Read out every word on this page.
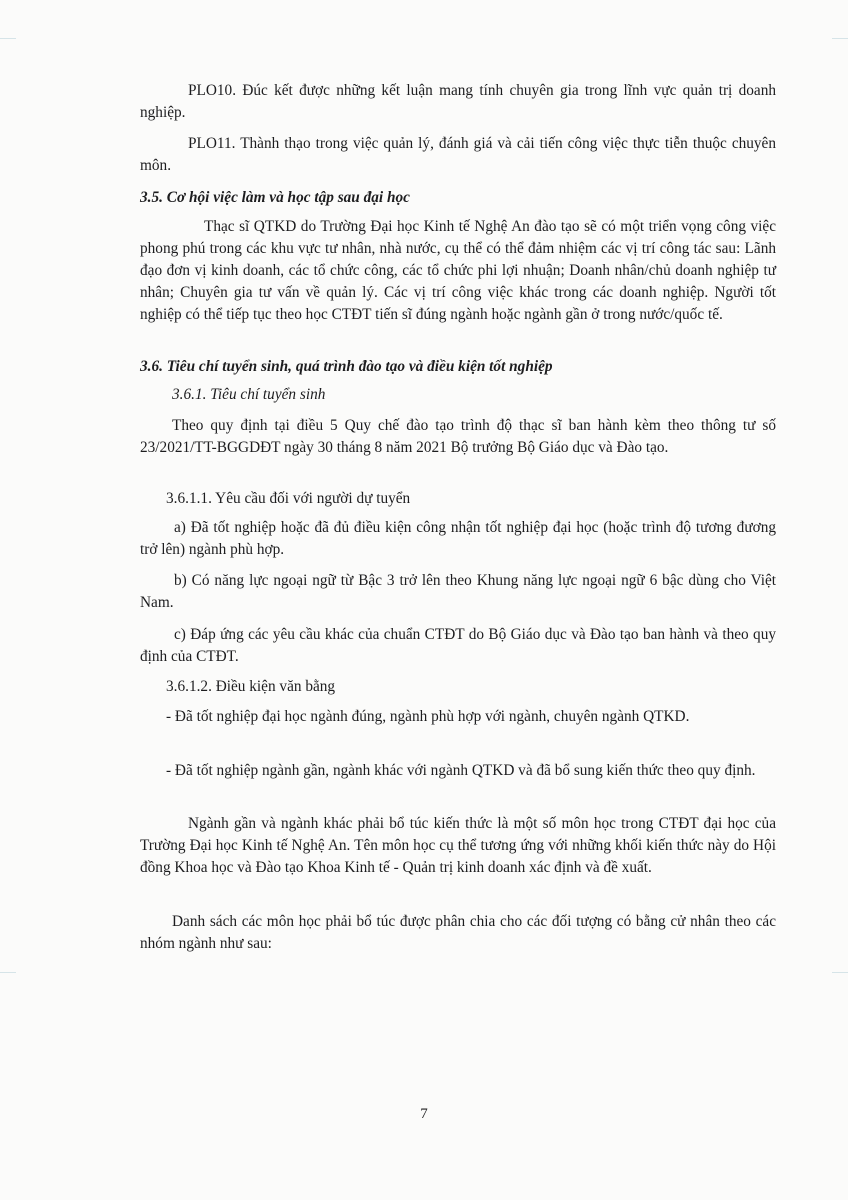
PLO10. Đúc kết được những kết luận mang tính chuyên gia trong lĩnh vực quản trị doanh nghiệp.
PLO11. Thành thạo trong việc quản lý, đánh giá và cải tiến công việc thực tiễn thuộc chuyên môn.
3.5. Cơ hội việc làm và học tập sau đại học
Thạc sĩ QTKD do Trường Đại học Kinh tế Nghệ An đào tạo sẽ có một triển vọng công việc phong phú trong các khu vực tư nhân, nhà nước, cụ thể có thể đảm nhiệm các vị trí công tác sau: Lãnh đạo đơn vị kinh doanh, các tổ chức công, các tổ chức phi lợi nhuận; Doanh nhân/chủ doanh nghiệp tư nhân; Chuyên gia tư vấn về quản lý. Các vị trí công việc khác trong các doanh nghiệp. Người tốt nghiệp có thể tiếp tục theo học CTĐT tiến sĩ đúng ngành hoặc ngành gần ở trong nước/quốc tế.
3.6. Tiêu chí tuyển sinh, quá trình đào tạo và điều kiện tốt nghiệp
3.6.1. Tiêu chí tuyển sinh
Theo quy định tại điều 5 Quy chế đào tạo trình độ thạc sĩ ban hành kèm theo thông tư số 23/2021/TT-BGGDĐT ngày 30 tháng 8 năm 2021 Bộ trưởng Bộ Giáo dục và Đào tạo.
3.6.1.1. Yêu cầu đối với người dự tuyển
a) Đã tốt nghiệp hoặc đã đủ điều kiện công nhận tốt nghiệp đại học (hoặc trình độ tương đương trở lên) ngành phù hợp.
b) Có năng lực ngoại ngữ từ Bậc 3 trở lên theo Khung năng lực ngoại ngữ 6 bậc dùng cho Việt Nam.
c) Đáp ứng các yêu cầu khác của chuẩn CTĐT do Bộ Giáo dục và Đào tạo ban hành và theo quy định của CTĐT.
3.6.1.2. Điều kiện văn bằng
- Đã tốt nghiệp đại học ngành đúng, ngành phù hợp với ngành, chuyên ngành QTKD.
- Đã tốt nghiệp ngành gần, ngành khác với ngành QTKD và đã bổ sung kiến thức theo quy định.
Ngành gần và ngành khác phải bổ túc kiến thức là một số môn học trong CTĐT đại học của Trường Đại học Kinh tế Nghệ An. Tên môn học cụ thể tương ứng với những khối kiến thức này do Hội đồng Khoa học và Đào tạo Khoa Kinh tế - Quản trị kinh doanh xác định và đề xuất.
Danh sách các môn học phải bổ túc được phân chia cho các đối tượng có bằng cử nhân theo các nhóm ngành như sau:
7
